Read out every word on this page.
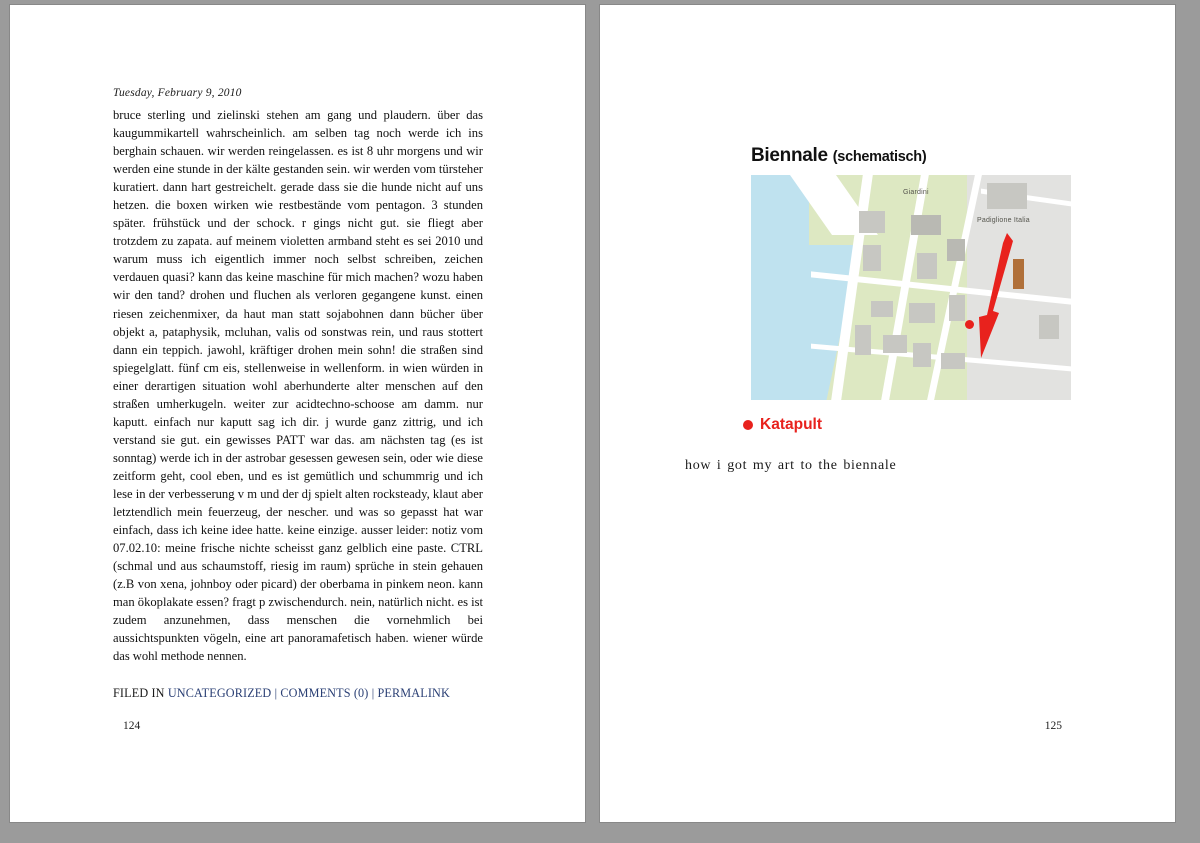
Tuesday, February 9, 2010
bruce sterling und zielinski stehen am gang und plaudern. über das kaugummikartell wahrscheinlich. am selben tag noch werde ich ins berghain schauen. wir werden reingelassen. es ist 8 uhr morgens und wir werden eine stunde in der kälte gestanden sein. wir werden vom türsteher kuratiert. dann hart gestreichelt. gerade dass sie die hunde nicht auf uns hetzen. die boxen wirken wie restbestände vom pentagon. 3 stunden später. frühstück und der schock. r gings nicht gut. sie fliegt aber trotzdem zu zapata. auf meinem violetten armband steht es sei 2010 und warum muss ich eigentlich immer noch selbst schreiben, zeichen verdauen quasi? kann das keine maschine für mich machen? wozu haben wir den tand? drohen und fluchen als verloren gegangene kunst. einen riesen zeichenmixer, da haut man statt sojabohnen dann bücher über objekt a, pataphysik, mcluhan, valis od sonstwas rein, und raus stottert dann ein teppich. jawohl, kräftiger drohen mein sohn! die straßen sind spiegelglatt. fünf cm eis, stellenweise in wellenform. in wien würden in einer derartigen situation wohl aberhunderte alter menschen auf den straßen umherkugeln. weiter zur acidtechno-schoose am damm. nur kaputt. einfach nur kaputt sag ich dir. j wurde ganz zittrig, und ich verstand sie gut. ein gewisses PATT war das. am nächsten tag (es ist sonntag) werde ich in der astrobar gesessen gewesen sein, oder wie diese zeitform geht, cool eben, und es ist gemütlich und schummrig und ich lese in der verbesserung v m und der dj spielt alten rocksteady, klaut aber letztendlich mein feuerzeug, der nescher. und was so gepasst hat war einfach, dass ich keine idee hatte. keine einzige. ausser leider: notiz vom 07.02.10: meine frische nichte scheisst ganz gelblich eine paste. CTRL (schmal und aus schaumstoff, riesig im raum) sprüche in stein gehauen (z.B von xena, johnboy oder picard) der oberbama in pinkem neon. kann man ökoplakate essen? fragt p zwischendurch. nein, natürlich nicht. es ist zudem anzunehmen, dass menschen die vornehmlich bei aussichtspunkten vögeln, eine art panoramafetisch haben. wiener würde das wohl methode nennen.
FILED IN UNCATEGORIZED | COMMENTS (0) | PERMALINK
124
Biennale (schematisch)
Padiglione Italia
Giardini
Katapult
how i got my art to the biennale
125
